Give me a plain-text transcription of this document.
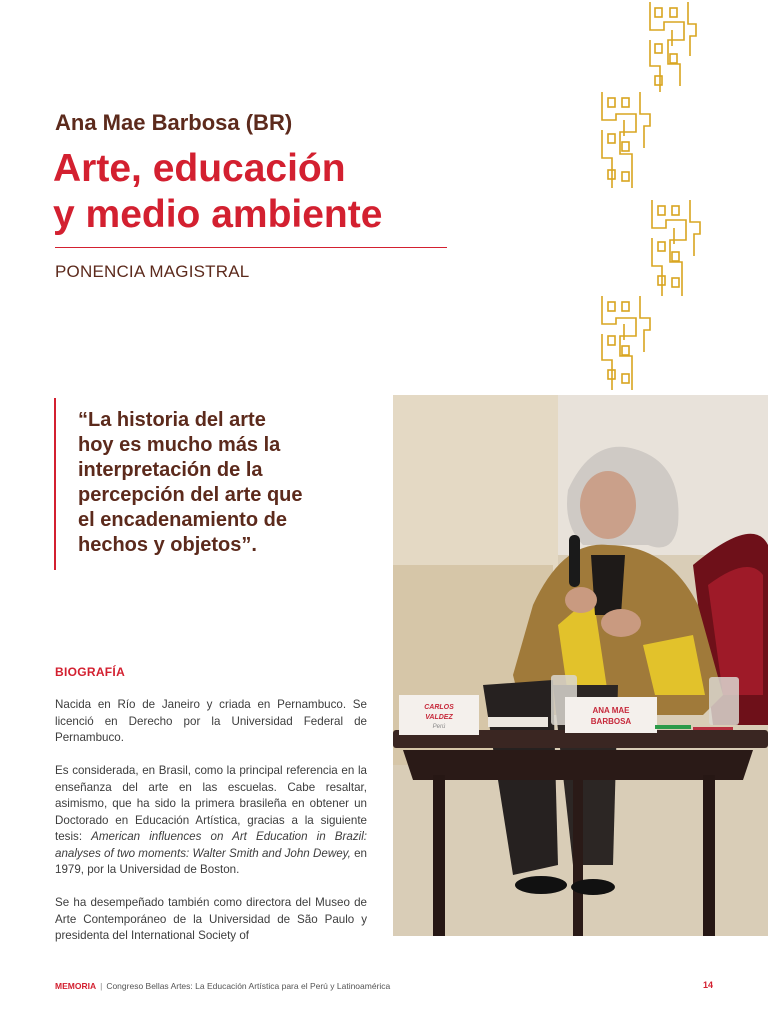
Ana Mae Barbosa (BR)
Arte, educación
y medio ambiente

PONENCIA MAGISTRAL

“La historia del arte
hoy es mucho más la
interpretación de la
percepción del arte que
el encadenamiento de
hechos y objetos”.
CARLOS
VALDEZ
Perú
ANA MAE
BARBOSA
BIOGRAFÍA

Nacida en Río de Janeiro y criada en Pernambuco. Se licenció en Derecho por la Universidad Federal de Pernambuco.

Es considerada, en Brasil, como la principal referencia en la enseñanza del arte en las escuelas. Cabe resaltar, asimismo, que ha sido la primera brasileña en obtener un Doctorado en Educación Artística, gracias a la siguiente tesis: American influences on Art Education in Brazil: analyses of two moments: Walter Smith and John Dewey, en 1979, por la Universidad de Boston.

Se ha desempeñado también como directora del Museo de Arte Contemporáneo de la Universidad de São Paulo y presidenta del International Society of

MEMORIA | Congreso Bellas Artes: La Educación Artística para el Perú y Latinoamérica	14
